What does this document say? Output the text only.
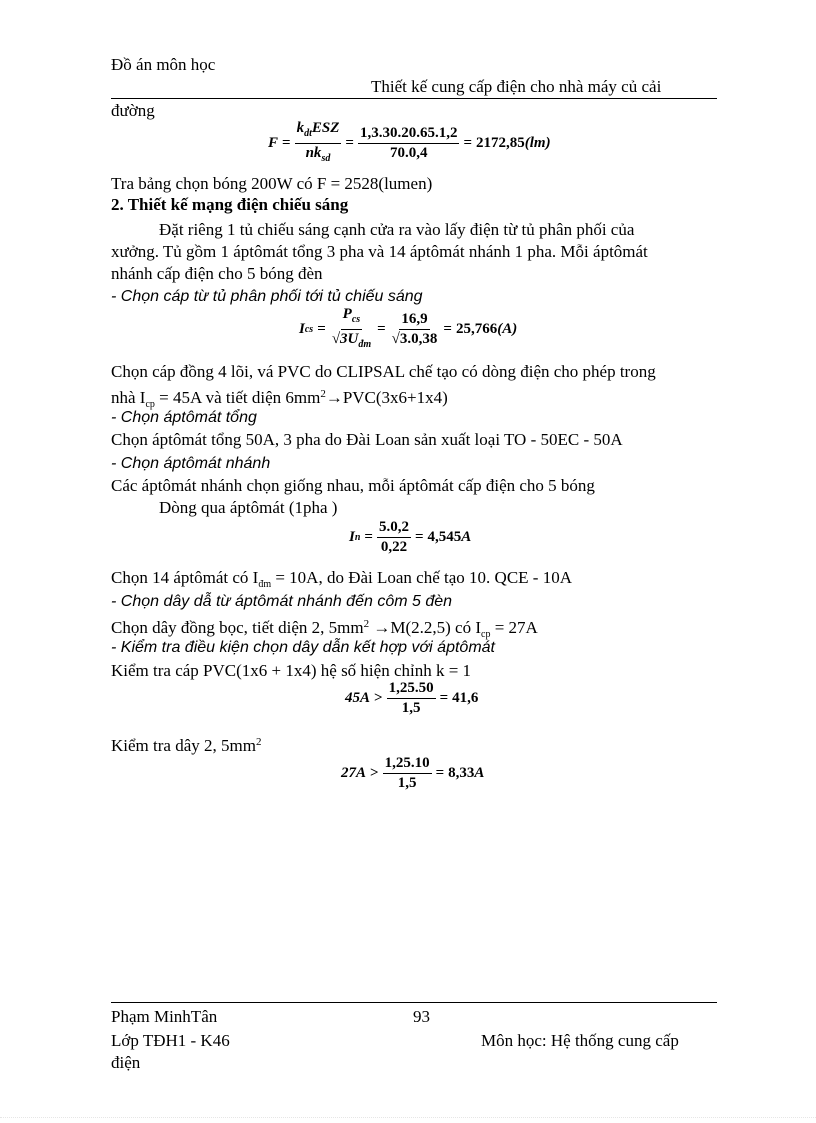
Đồ án môn học
Thiết kế cung cấp điện cho nhà máy củ cải
đường
$F = \frac{k_{dt}ESZ}{nk_{sd}} = \frac{1,3.30.20.65.1,2}{70.0,4} = 2172,85$ (lm)
Tra bảng chọn bóng 200W có F = 2528(lumen)
2. Thiết kế mạng điện chiếu sáng
Đặt riêng 1 tủ chiếu sáng cạnh cửa ra vào lấy điện từ tủ phân phối của
xưởng. Tủ gồm 1 áptômát tổng 3 pha và 14 áptômát nhánh 1 pha. Mỗi áptômát
nhánh cấp điện cho 5 bóng đèn
- Chọn cáp từ tủ phân phối tới tủ chiếu sáng
I cs = $\frac{P_{cs}}{√3U_{đm}} = \frac{16,9}{√3.0,38} = 25,766$ (A)
Chọn cáp đồng 4 lõi, vá PVC do CLIPSAL chế tạo có dòng điện cho phép trong
nhà $I_{cp} = 45A$ và tiết diện $6mm^2\to PVC(3x6+1x4)$
- Chọn áptômát tổng
Chọn áptômát tổng 50A, 3 pha do Đài Loan sản xuất loại TO - 50EC - 50A
- Chọn áptômát nhánh
Các áptômát nhánh chọn giống nhau, mỗi áptômát cấp điện cho 5 bóng
Dòng qua áptômát (1pha )
I $n = \frac{5.0,2}{0,22} = 4,545$ A
Chọn 14 áptômát có $I_{đm} = 10A$, do Đài Loan chế tạo 10. QCE - 10A
- Chọn dây dẫ từ áptômát nhánh đến côm 5 đèn
Chọn dây đồng bọc, tiết diện 2, $5mm^2 \to M(2.2,5)$ có $I_{cp} = 27A$
- Kiểm tra điều kiện chọn dây dẫn kết hợp với áptômát
Kiểm tra cáp PVC(1x6 + 1x4) hệ số hiện chỉnh k = 1
$45A > \frac{1,25.50}{1,5} = 41,6$
Kiểm tra dây 2, $5mm^2$
$27A > \frac{1,25.10}{1,5} = 8,33$ A
Phạm MinhTân	93
Lớp TĐH1 - K46	Môn học: Hệ thống cung cấp
điện
